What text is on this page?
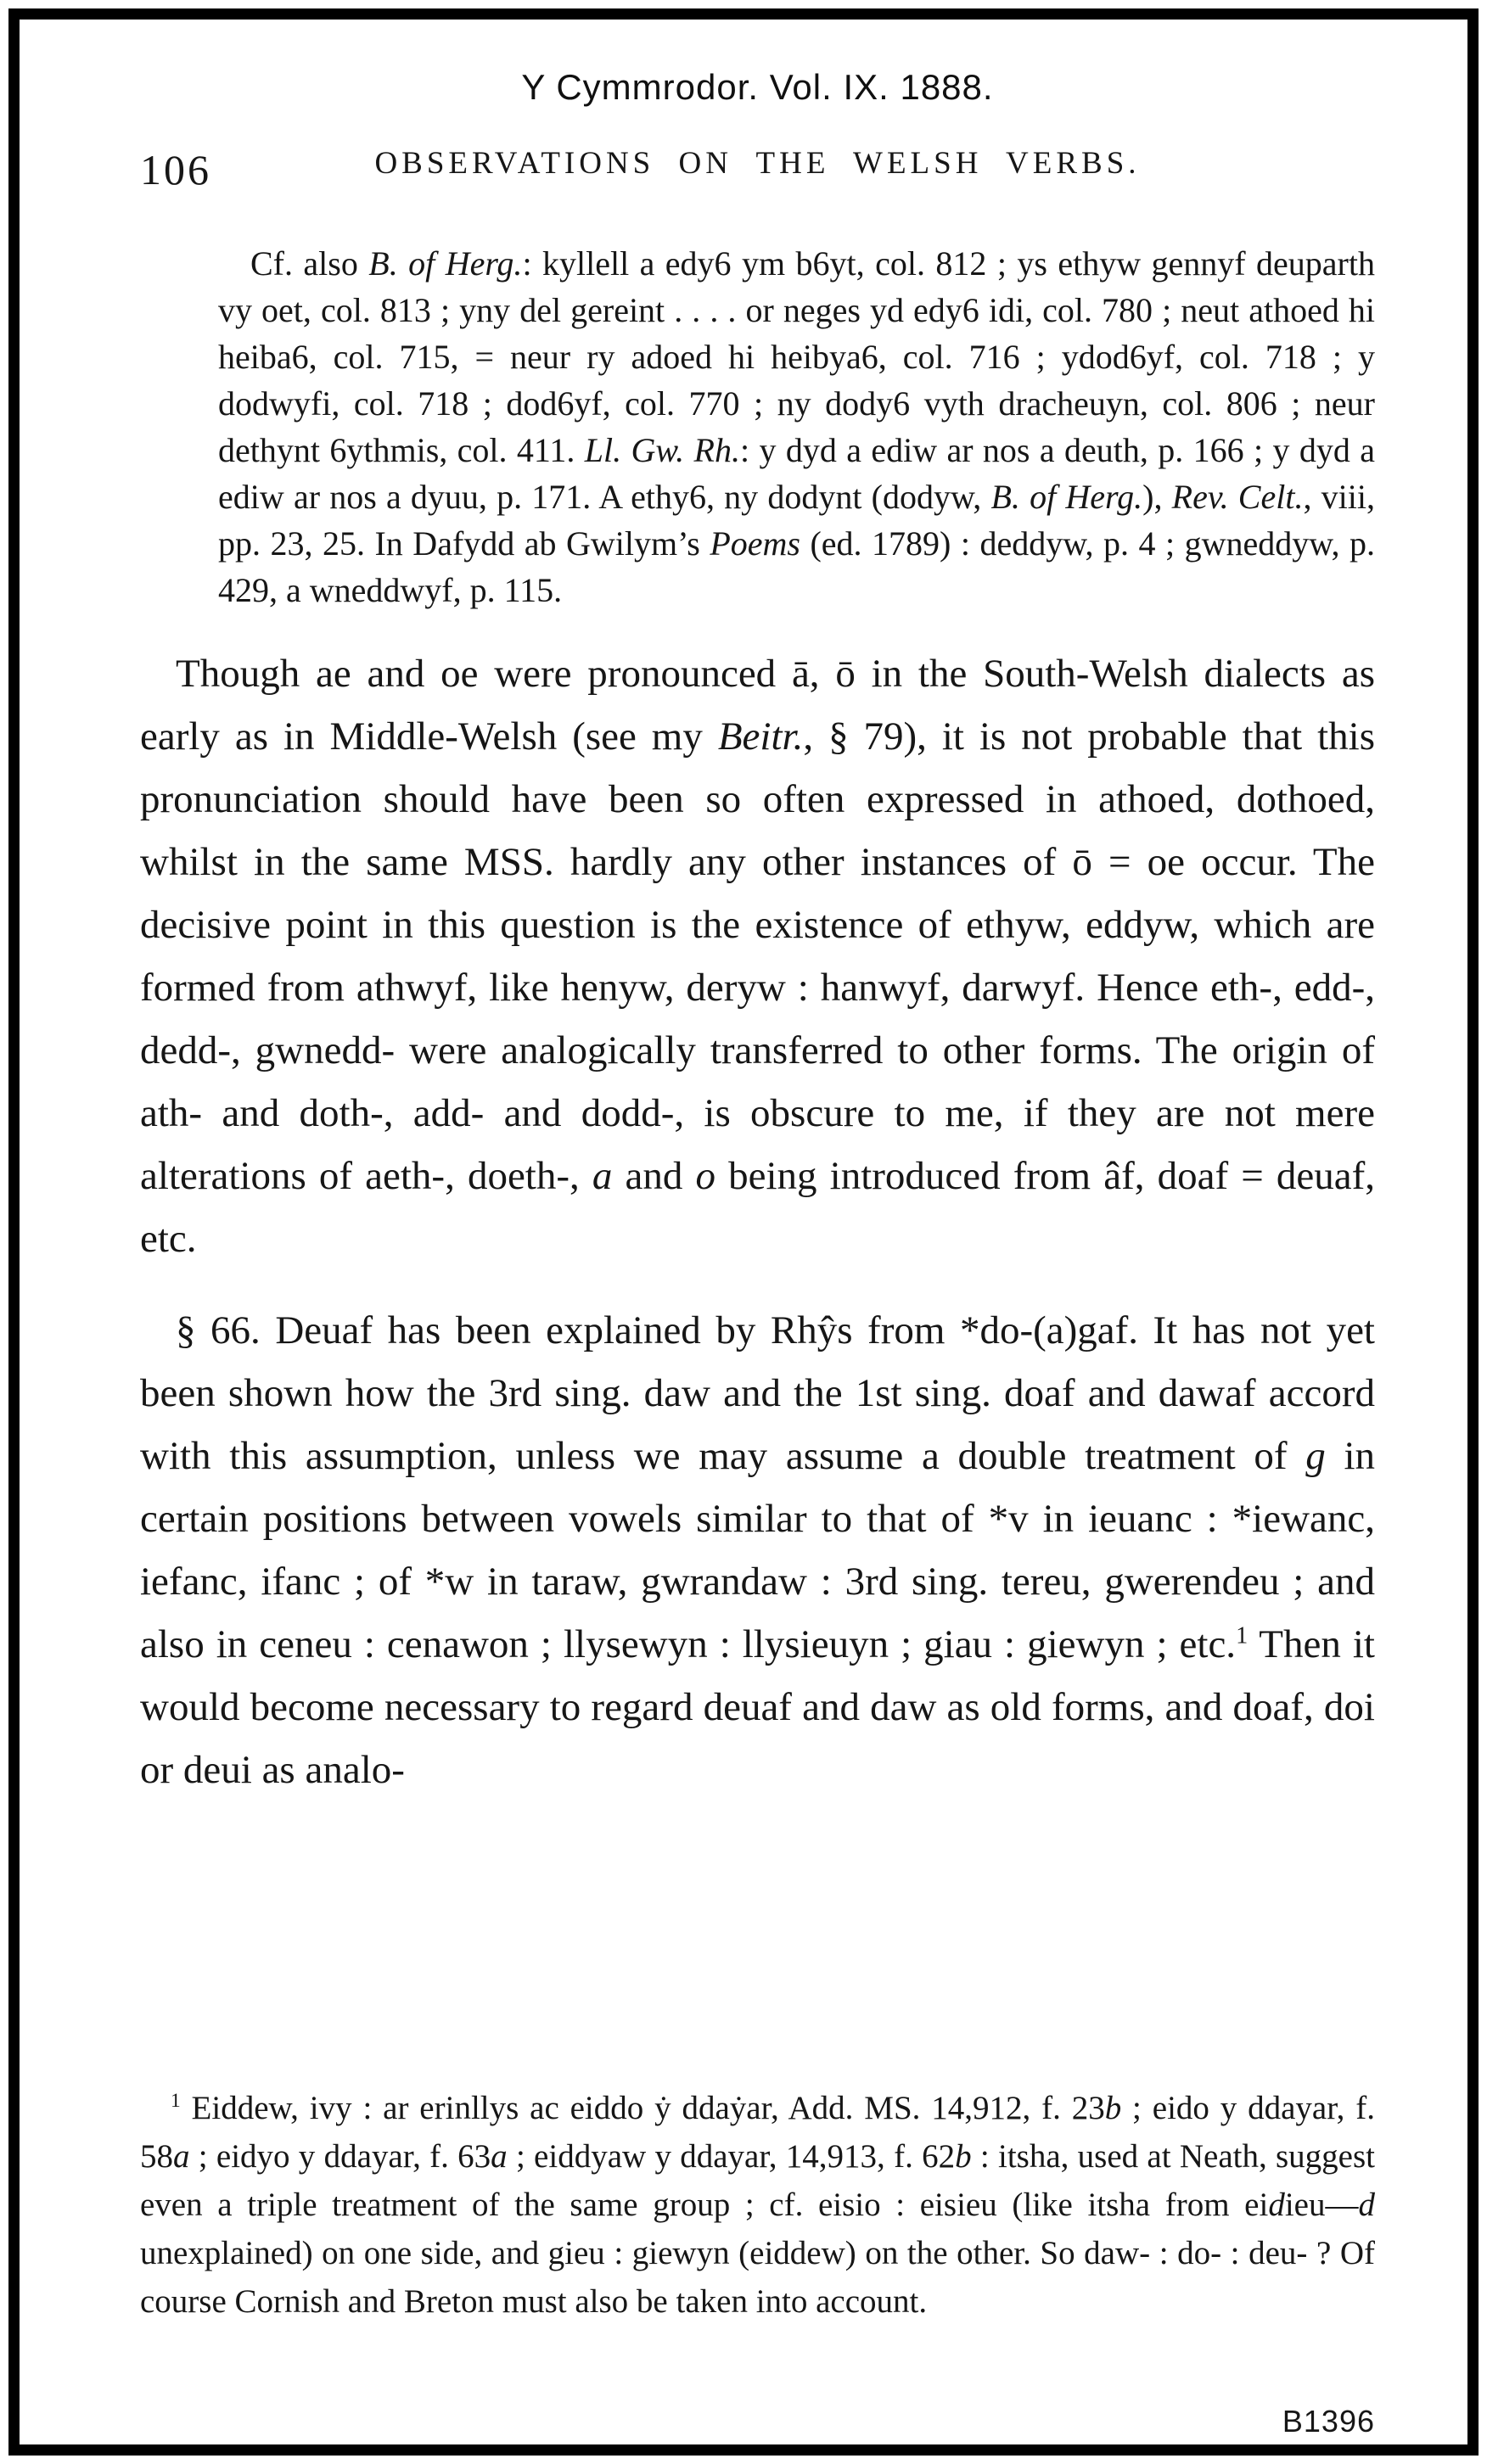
Y Cymmrodor. Vol. IX. 1888.
106	OBSERVATIONS ON THE WELSH VERBS.
Cf. also B. of Herg.: kyllell a edy6 ym b6yt, col. 812 ; ys ethyw gennyf deuparth vy oet, col. 813 ; yny del gereint . . . . or neges yd edy6 idi, col. 780 ; neut athoed hi heiba6, col. 715, = neur ry adoed hi heibya6, col. 716 ; ydod6yf, col. 718 ; y dodwyfi, col. 718 ; dod6yf, col. 770 ; ny dody6 vyth dracheuyn, col. 806 ; neur dethynt 6ythmis, col. 411. Ll. Gw. Rh.: y dyd a ediw ar nos a deuth, p. 166 ; y dyd a ediw ar nos a dyuu, p. 171. A ethy6, ny dodynt (dodyw, B. of Herg.), Rev. Celt., viii, pp. 23, 25. In Dafydd ab Gwilym’s Poems (ed. 1789) : deddyw, p. 4 ; gwneddyw, p. 429, a wneddwyf, p. 115.

Though ae and oe were pronounced ā, ō in the South-Welsh dialects as early as in Middle-Welsh (see my Beitr., § 79), it is not probable that this pronunciation should have been so often expressed in athoed, dothoed, whilst in the same MSS. hardly any other instances of ō = oe occur. The decisive point in this question is the existence of ethyw, eddyw, which are formed from athwyf, like henyw, deryw : hanwyf, darwyf. Hence eth-, edd-, dedd-, gwnedd- were analogically transferred to other forms. The origin of ath- and doth-, add- and dodd-, is obscure to me, if they are not mere alterations of aeth-, doeth-, a and o being introduced from âf, doaf = deuaf, etc.

§ 66. Deuaf has been explained by Rhŷs from *do-(a)gaf. It has not yet been shown how the 3rd sing. daw and the 1st sing. doaf and dawaf accord with this assumption, unless we may assume a double treatment of g in certain positions between vowels similar to that of *v in ieuanc : *iewanc, iefanc, ifanc ; of *w in taraw, gwrandaw : 3rd sing. tereu, gwerendeu ; and also in ceneu : cenawon ; llysewyn : llysieuyn ; giau : giewyn ; etc.$^1$ Then it would become necessary to regard deuaf and daw as old forms, and doaf, doi or deui as analo-

$^1$ Eiddew, ivy : ar erinllys ac eiddo ẏ ddaẏar, Add. MS. 14,912, f. 23b ; eido y ddayar, f. 58a ; eidyo y ddayar, f. 63a ; eiddyaw y ddayar, 14,913, f. 62b : itsha, used at Neath, suggest even a triple treatment of the same group ; cf. eisio : eisieu (like itsha from eidieu—d unexplained) on one side, and gieu : giewyn (eiddew) on the other. So daw- : do- : deu- ? Of course Cornish and Breton must also be taken into account.
B1396
